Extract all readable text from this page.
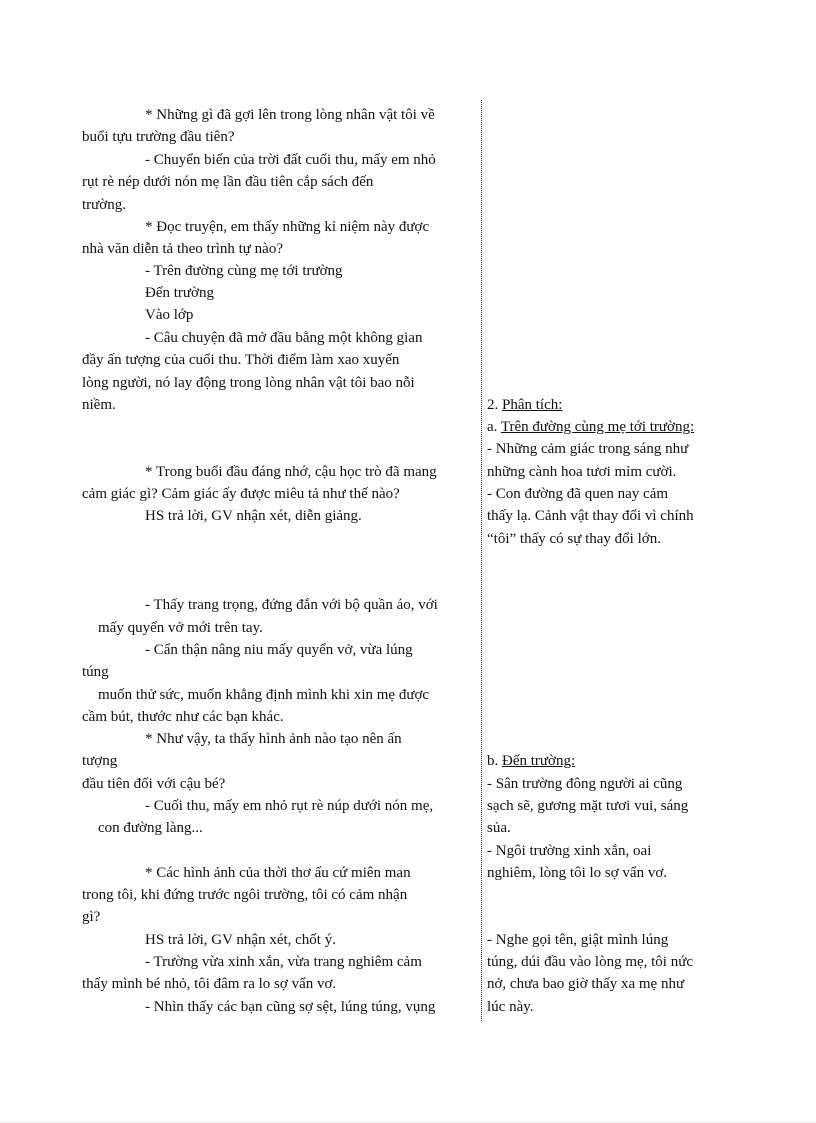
* Những gì đã gợi lên trong lòng nhân vật tôi về
buổi tựu trường đầu tiên?
- Chuyển biến của trời đất cuối thu, mấy em nhỏ
rụt rè nép dưới nón mẹ lần đầu tiên cắp sách đến
trường.
* Đọc truyện, em thấy những kỉ niệm này được
nhà văn diễn tả theo trình tự nào?
- Trên đường cùng mẹ tới trường
Đến trường
Vào lớp
- Câu chuyện đã mở đầu bằng một không gian
đầy ấn tượng của cuối thu. Thời điểm làm xao xuyến
lòng người, nó lay động trong lòng nhân vật tôi bao nỗi
niềm.
* Trong buổi đầu đáng nhớ, cậu học trò đã mang
cảm giác gì? Cảm giác ấy được miêu tả như thế nào?
HS trả lời, GV nhận xét, diễn giảng.
- Thấy trang trọng, đứng đắn với bộ quần áo, với
mấy quyển vở mới trên tay.
- Cẩn thận nâng niu mấy quyển vở, vừa lúng
túng
muốn thử sức, muốn khẳng định mình khi xin mẹ được
cầm bút, thước như các bạn khác.
* Như vậy, ta thấy hình ảnh nào tạo nên ấn
tượng
đầu tiên đối với cậu bé?
- Cuối thu, mấy em nhỏ rụt rè núp dưới nón mẹ,
con đường làng...
* Các hình ảnh của thời thơ ấu cứ miên man
trong tôi, khi đứng trước ngôi trường, tôi có cảm nhận
gì?
HS trả lời, GV nhận xét, chốt ý.
- Trường vừa xinh xắn, vừa trang nghiêm cảm
thấy mình bé nhỏ, tôi đâm ra lo sợ vẩn vơ.
- Nhìn thấy các bạn cũng sợ sệt, lúng túng, vụng
2. Phân tích:
a. Trên đường cùng mẹ tới trường:
- Những cảm giác trong sáng như
những cành hoa tươi mỉm cười.
- Con đường đã quen nay cảm
thấy lạ. Cảnh vật thay đổi vì chính
“tôi” thấy có sự thay đổi lớn.
b. Đến trường:
- Sân trường đông người ai cũng
sạch sẽ, gương mặt tươi vui, sáng
sủa.
- Ngôi trường xinh xắn, oai
nghiêm, lòng tôi lo sợ vẩn vơ.
- Nghe gọi tên, giật mình lúng
túng, dúi đầu vào lòng mẹ, tôi nức
nở, chưa bao giờ thấy xa mẹ như
lúc này.
